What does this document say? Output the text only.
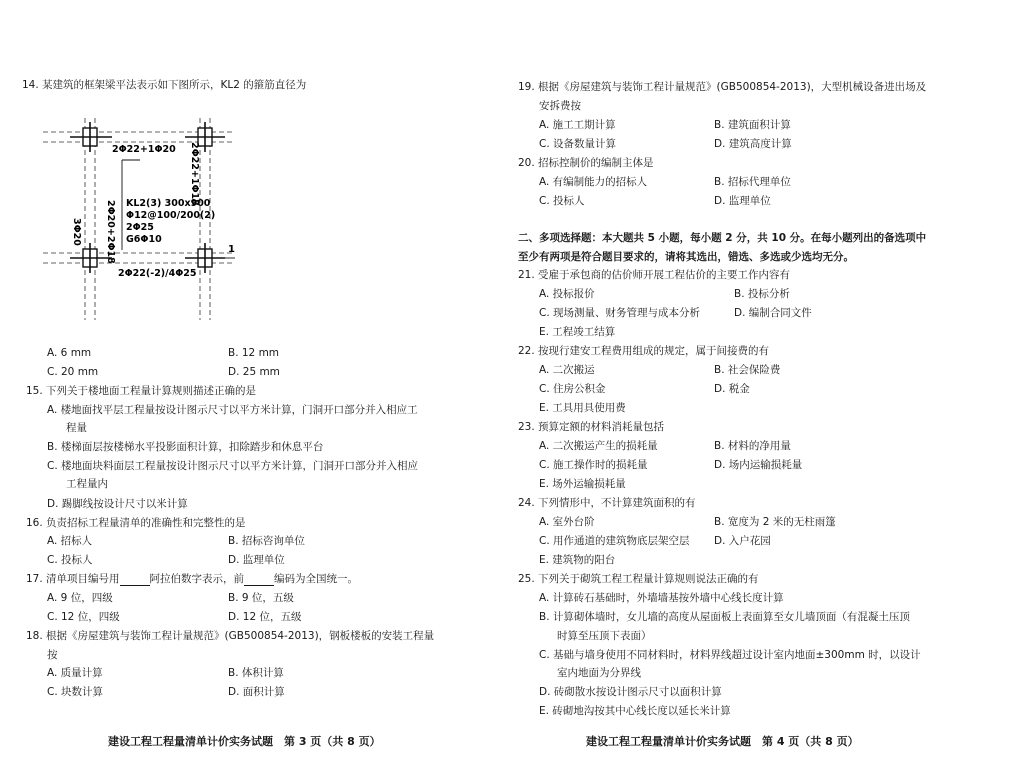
14. 某建筑的框架梁平法表示如下图所示，KL2 的箍筋直径为
2Φ22+1Φ20 2Φ22+1Φ18
KL2(3) 300x900
Φ12@100/200(2)
2Φ25
G6Φ10
2Φ20+2Φ18
3Φ20
2Φ22(-2)/4Φ25
1
A. 6 mm	B. 12 mm
C. 20 mm	D. 25 mm
15. 下列关于楼地面工程量计算规则描述正确的是
A. 楼地面找平层工程量按设计图示尺寸以平方米计算，门洞开口部分并入相应工
程量
B. 楼梯面层按楼梯水平投影面积计算，扣除踏步和休息平台
C. 楼地面块料面层工程量按设计图示尺寸以平方米计算，门洞开口部分并入相应
工程量内
D. 踢脚线按设计尺寸以米计算
16. 负责招标工程量清单的准确性和完整性的是
A. 招标人	B. 招标咨询单位
C. 投标人	D. 监理单位
17. 清单项目编号用	阿拉伯数字表示，前	编码为全国统一。
A. 9 位，四级	B. 9 位，五级
C. 12 位，四级	D. 12 位，五级
18. 根据《房屋建筑与装饰工程计量规范》(GB500854-2013)，钢板楼板的安装工程量
按
A. 质量计算	B. 体积计算
C. 块数计算	D. 面积计算
建设工程工程量清单计价实务试题　第 3 页（共 8 页）
19. 根据《房屋建筑与装饰工程计量规范》(GB500854-2013)，大型机械设备进出场及
安拆费按
A. 施工工期计算	B. 建筑面积计算
C. 设备数量计算	D. 建筑高度计算
20. 招标控制价的编制主体是
A. 有编制能力的招标人	B. 招标代理单位
C. 投标人	D. 监理单位
二、多项选择题：本大题共 5 小题，每小题 2 分，共 10 分。在每小题列出的备选项中
至少有两项是符合题目要求的，请将其选出，错选、多选或少选均无分。
21. 受雇于承包商的估价师开展工程估价的主要工作内容有
A. 投标报价	B. 投标分析
C. 现场测量、财务管理与成本分析	D. 编制合同文件
E. 工程竣工结算
22. 按现行建安工程费用组成的规定，属于间接费的有
A. 二次搬运	B. 社会保险费
C. 住房公积金	D. 税金
E. 工具用具使用费
23. 预算定额的材料消耗量包括
A. 二次搬运产生的损耗量	B. 材料的净用量
C. 施工操作时的损耗量	D. 场内运输损耗量
E. 场外运输损耗量
24. 下列情形中，不计算建筑面积的有
A. 室外台阶	B. 宽度为 2 米的无柱雨篷
C. 用作通道的建筑物底层架空层 D. 入户花园
E. 建筑物的阳台
25. 下列关于砌筑工程工程量计算规则说法正确的有
A. 计算砖石基础时，外墙墙基按外墙中心线长度计算
B. 计算砌体墙时，女儿墙的高度从屋面板上表面算至女儿墙顶面（有混凝土压顶
时算至压顶下表面）
C. 基础与墙身使用不同材料时，材料界线超过设计室内地面±300mm 时，以设计
室内地面为分界线
D. 砖砌散水按设计图示尺寸以面积计算
E. 砖砌地沟按其中心线长度以延长米计算
建设工程工程量清单计价实务试题　第 4 页（共 8 页）
